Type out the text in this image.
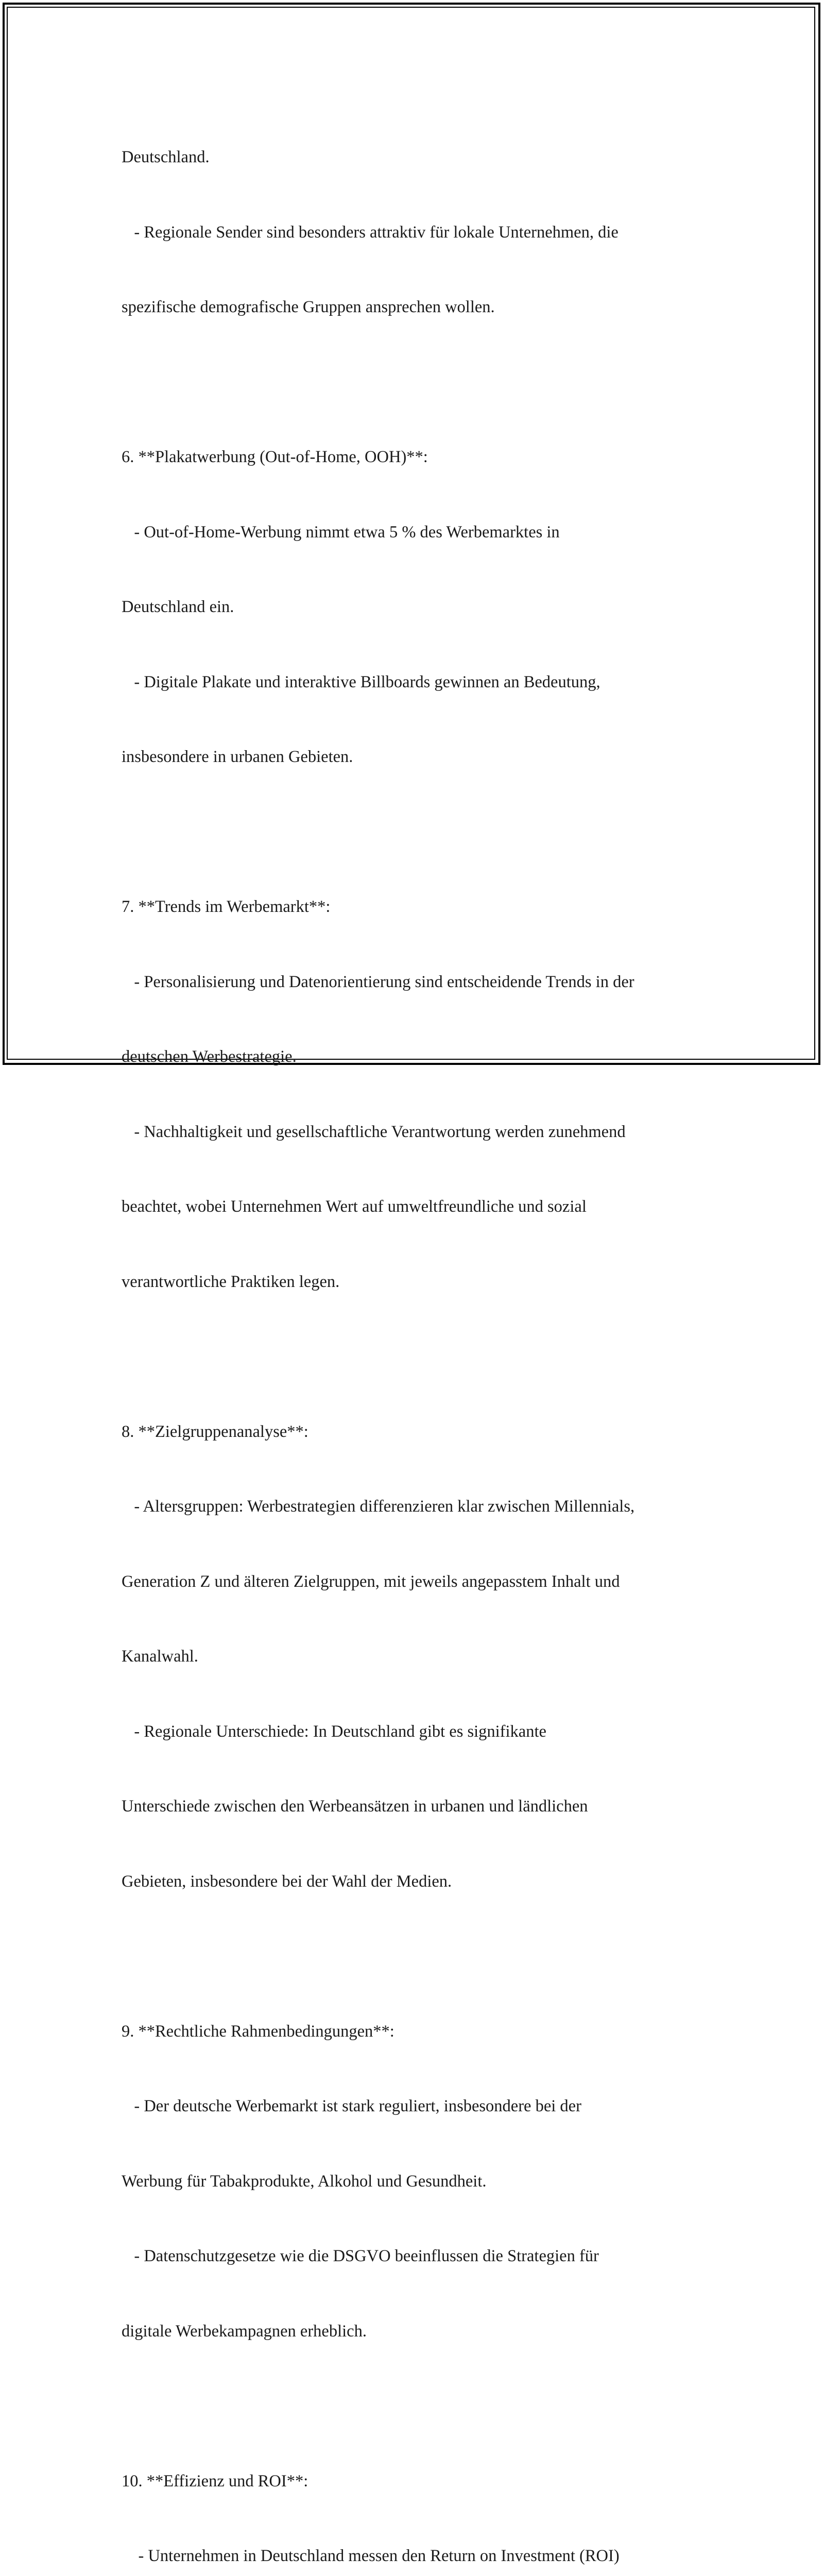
Deutschland.

- Regionale Sender sind besonders attraktiv für lokale Unternehmen, die

spezifische demografische Gruppen ansprechen wollen.

6. **Plakatwerbung (Out-of-Home, OOH)**:

- Out-of-Home-Werbung nimmt etwa 5 % des Werbemarktes in

Deutschland ein.

- Digitale Plakate und interaktive Billboards gewinnen an Bedeutung,

insbesondere in urbanen Gebieten.

7. **Trends im Werbemarkt**:

- Personalisierung und Datenorientierung sind entscheidende Trends in der

deutschen Werbestrategie.

- Nachhaltigkeit und gesellschaftliche Verantwortung werden zunehmend

beachtet, wobei Unternehmen Wert auf umweltfreundliche und sozial

verantwortliche Praktiken legen.

8. **Zielgruppenanalyse**:

- Altersgruppen: Werbestrategien differenzieren klar zwischen Millennials,

Generation Z und älteren Zielgruppen, mit jeweils angepasstem Inhalt und

Kanalwahl.

- Regionale Unterschiede: In Deutschland gibt es signifikante

Unterschiede zwischen den Werbeansätzen in urbanen und ländlichen

Gebieten, insbesondere bei der Wahl der Medien.

9. **Rechtliche Rahmenbedingungen**:

- Der deutsche Werbemarkt ist stark reguliert, insbesondere bei der

Werbung für Tabakprodukte, Alkohol und Gesundheit.

- Datenschutzgesetze wie die DSGVO beeinflussen die Strategien für

digitale Werbekampagnen erheblich.

10. **Effizienz und ROI**:

- Unternehmen in Deutschland messen den Return on Investment (ROI)
